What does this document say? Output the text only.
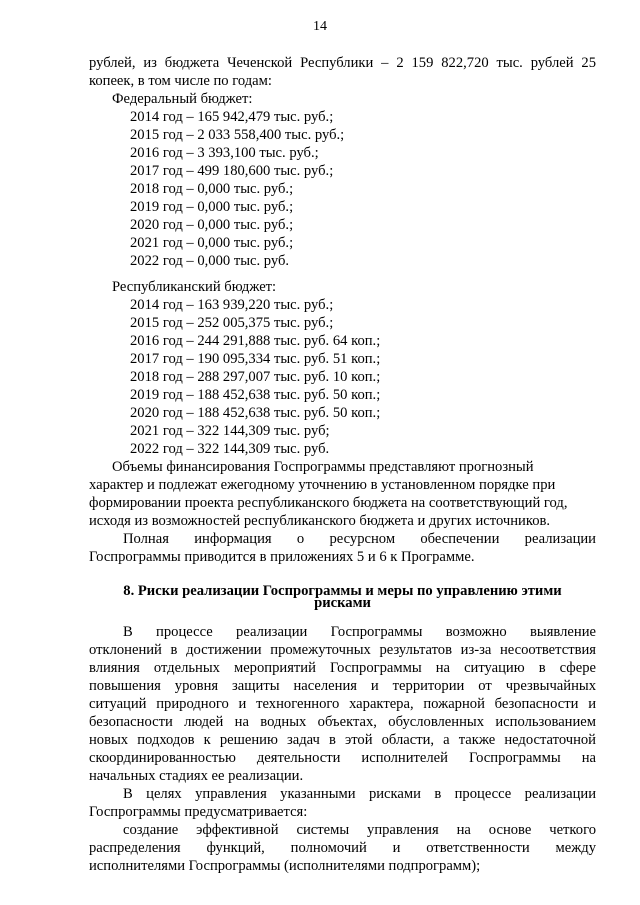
14
рублей, из бюджета Чеченской Республики – 2 159 822,720 тыс. рублей 25
копеек, в том числе по годам:
Федеральный бюджет:
2014 год – 165 942,479 тыс. руб.;
2015 год – 2 033 558,400 тыс. руб.;
2016 год – 3 393,100 тыс. руб.;
2017 год – 499 180,600 тыс. руб.;
2018 год – 0,000 тыс. руб.;
2019 год – 0,000 тыс. руб.;
2020 год – 0,000 тыс. руб.;
2021 год – 0,000 тыс. руб.;
2022 год – 0,000 тыс. руб.
Республиканский бюджет:
2014 год – 163 939,220 тыс. руб.;
2015 год – 252 005,375 тыс. руб.;
2016 год – 244 291,888 тыс. руб. 64 коп.;
2017 год – 190 095,334 тыс. руб. 51 коп.;
2018 год – 288 297,007 тыс. руб. 10 коп.;
2019 год – 188 452,638 тыс. руб. 50 коп.;
2020 год – 188 452,638 тыс. руб. 50 коп.;
2021 год – 322 144,309 тыс. руб;
2022 год – 322 144,309 тыс. руб.
Объемы финансирования Госпрограммы представляют прогнозный
характер и подлежат ежегодному уточнению в установленном порядке при
формировании проекта республиканского бюджета на соответствующий год,
исходя из возможностей республиканского бюджета и других источников.
Полная информация о ресурсном обеспечении реализации
Госпрограммы приводится в приложениях 5 и 6 к Программе.
8. Риски реализации Госпрограммы и меры по управлению этими
рисками
В процессе реализации Госпрограммы возможно выявление
отклонений в достижении промежуточных результатов из-за несоответствия
влияния отдельных мероприятий Госпрограммы на ситуацию в сфере
повышения уровня защиты населения и территории от чрезвычайных
ситуаций природного и техногенного характера, пожарной безопасности и
безопасности людей на водных объектах, обусловленных использованием
новых подходов к решению задач в этой области, а также недостаточной
скоординированностью деятельности исполнителей Госпрограммы на
начальных стадиях ее реализации.
В целях управления указанными рисками в процессе реализации
Госпрограммы предусматривается:
создание эффективной системы управления на основе четкого
распределения функций, полномочий и ответственности между
исполнителями Госпрограммы (исполнителями подпрограмм);
